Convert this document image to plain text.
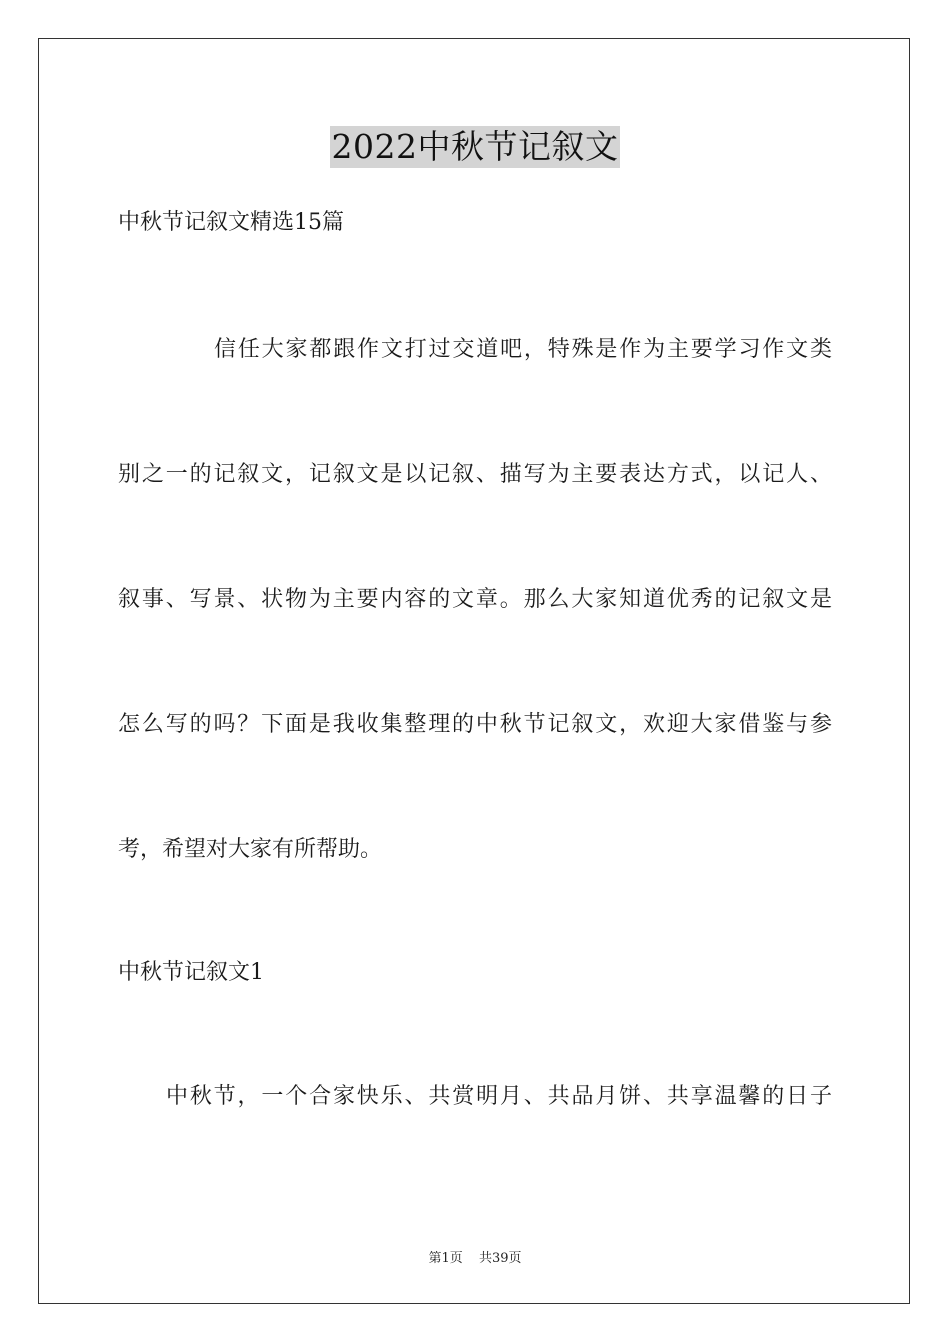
2022中秋节记叙文
中秋节记叙文精选15篇
信任大家都跟作文打过交道吧，特殊是作为主要学习作文类
别之一的记叙文，记叙文是以记叙、描写为主要表达方式，以记人、
叙事、写景、状物为主要内容的文章。那么大家知道优秀的记叙文是
怎么写的吗？下面是我收集整理的中秋节记叙文，欢迎大家借鉴与参
考，希望对大家有所帮助。
中秋节记叙文1
中秋节，一个合家快乐、共赏明月、共品月饼、共享温馨的日子
第1页 共39页
